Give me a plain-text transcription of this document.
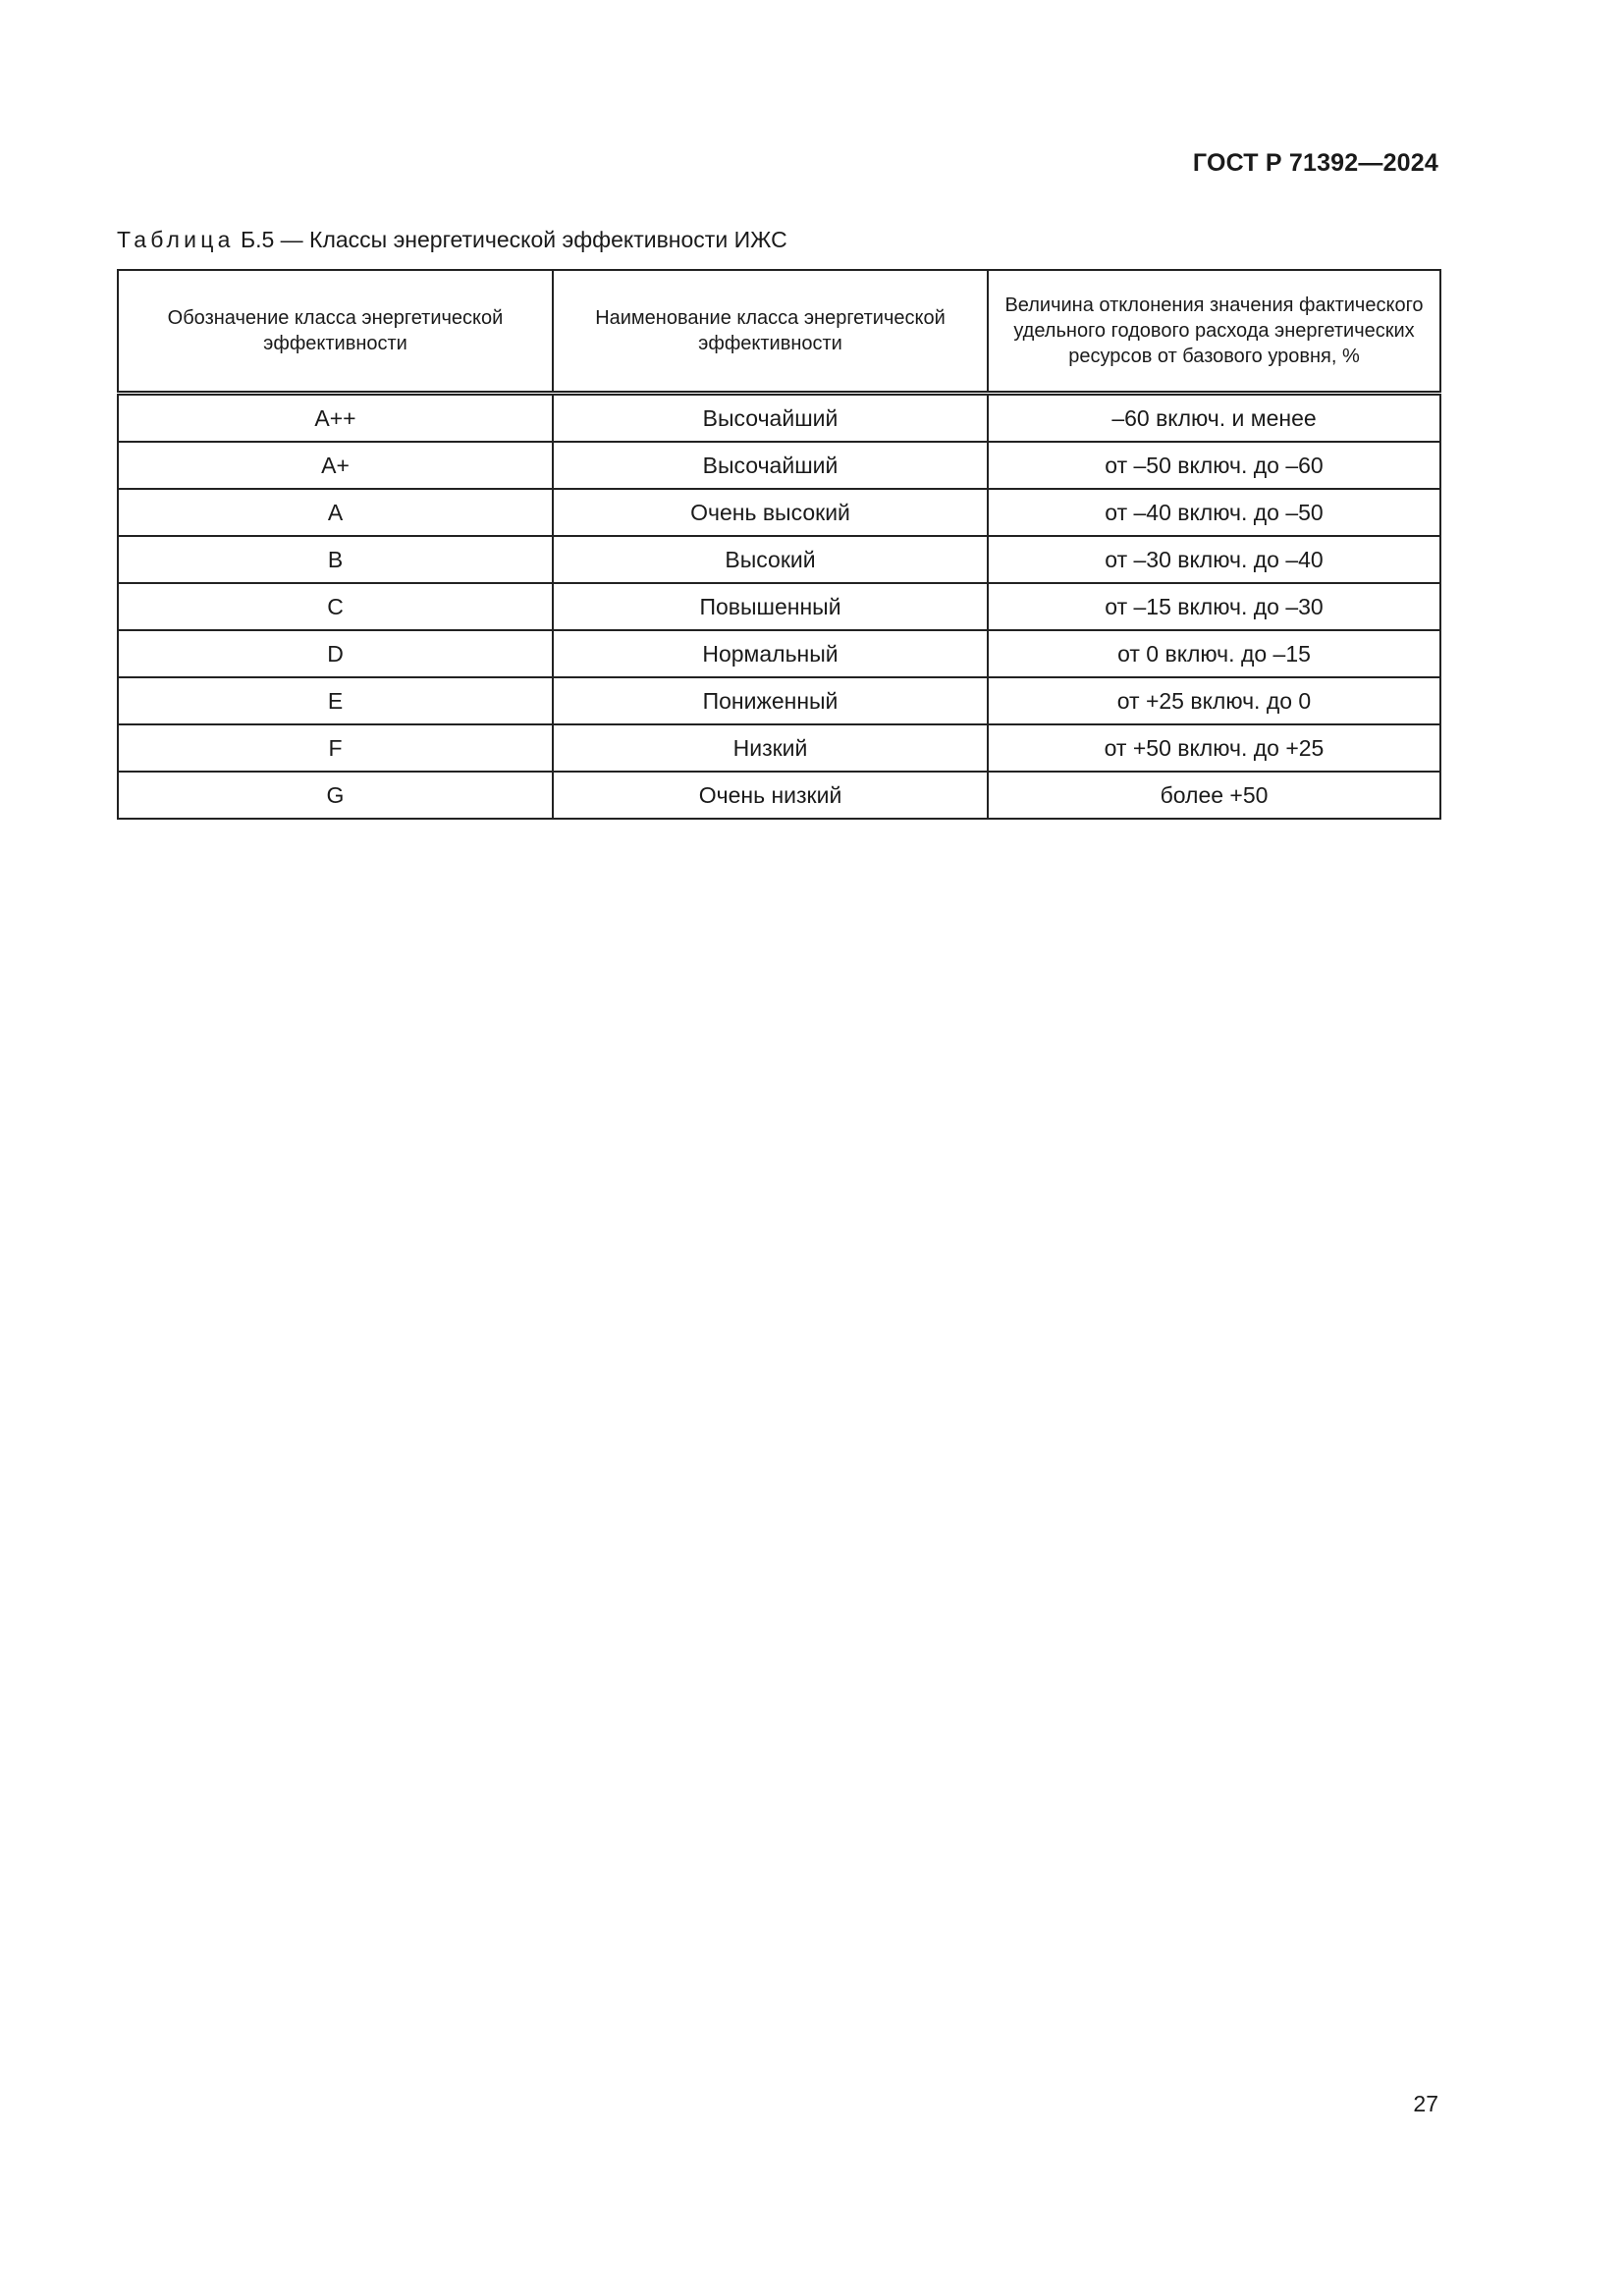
ГОСТ Р 71392—2024

Таблица Б.5 — Классы энергетической эффективности ИЖС

Обозначение класса энергетической эффективности	Наименование класса энергетической эффективности	Величина отклонения значения фактического удельного годового расхода энергетических ресурсов от базового уровня, %
A++	Высочайший	–60 включ. и менее
A+	Высочайший	от –50 включ. до –60
A	Очень высокий	от –40 включ. до –50
B	Высокий	от –30 включ. до –40
C	Повышенный	от –15 включ. до –30
D	Нормальный	от 0 включ. до –15
E	Пониженный	от +25 включ. до 0
F	Низкий	от +50 включ. до +25
G	Очень низкий	более +50

27
